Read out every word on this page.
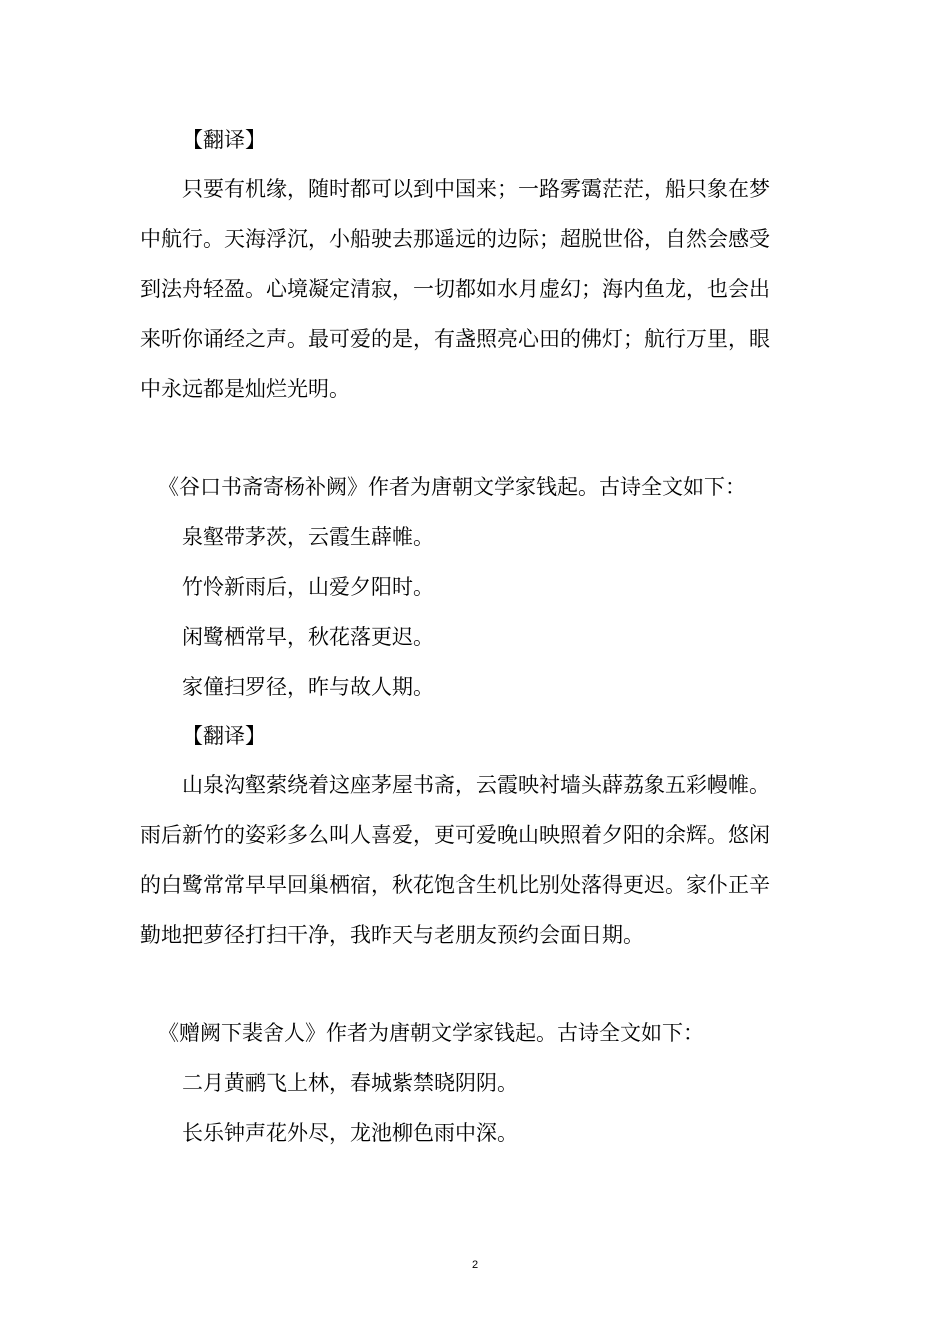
【翻译】
只要有机缘，随时都可以到中国来；一路雾霭茫茫，船只象在梦
中航行。天海浮沉，小船驶去那遥远的边际；超脱世俗，自然会感受
到法舟轻盈。心境凝定清寂，一切都如水月虚幻；海内鱼龙，也会出
来听你诵经之声。最可爱的是，有盏照亮心田的佛灯；航行万里，眼
中永远都是灿烂光明。
《谷口书斋寄杨补阙》作者为唐朝文学家钱起。古诗全文如下：
泉壑带茅茨，云霞生薜帷。
竹怜新雨后，山爱夕阳时。
闲鹭栖常早，秋花落更迟。
家僮扫罗径，昨与故人期。
【翻译】
山泉沟壑萦绕着这座茅屋书斋，云霞映衬墙头薜荔象五彩幔帷。
雨后新竹的姿彩多么叫人喜爱，更可爱晚山映照着夕阳的余辉。悠闲
的白鹭常常早早回巢栖宿，秋花饱含生机比别处落得更迟。家仆正辛
勤地把萝径打扫干净，我昨天与老朋友预约会面日期。
《赠阙下裴舍人》作者为唐朝文学家钱起。古诗全文如下：
二月黄鹂飞上林，春城紫禁晓阴阴。
长乐钟声花外尽，龙池柳色雨中深。
2
